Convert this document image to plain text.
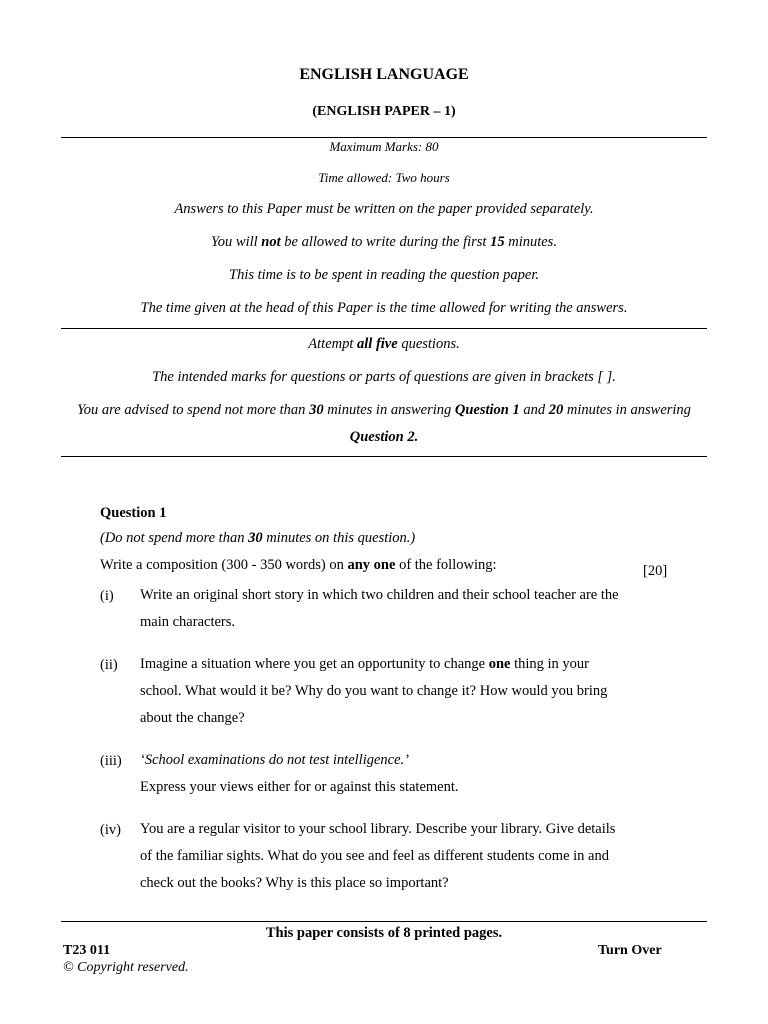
ENGLISH LANGUAGE
(ENGLISH PAPER – 1)
Maximum Marks: 80
Time allowed: Two hours
Answers to this Paper must be written on the paper provided separately.
You will not be allowed to write during the first 15 minutes.
This time is to be spent in reading the question paper.
The time given at the head of this Paper is the time allowed for writing the answers.
Attempt all five questions.
The intended marks for questions or parts of questions are given in brackets [ ].
You are advised to spend not more than 30 minutes in answering Question 1 and 20 minutes in answering
Question 2.
Question 1
(Do not spend more than 30 minutes on this question.)
Write a composition (300 - 350 words) on any one of the following:	[20]
(i) Write an original short story in which two children and their school teacher are the main characters.
(ii) Imagine a situation where you get an opportunity to change one thing in your school. What would it be? Why do you want to change it? How would you bring about the change?
(iii) ‘School examinations do not test intelligence.’
Express your views either for or against this statement.
(iv) You are a regular visitor to your school library. Describe your library. Give details of the familiar sights. What do you see and feel as different students come in and check out the books? Why is this place so important?
This paper consists of 8 printed pages.
T23 011	Turn Over
© Copyright reserved.
